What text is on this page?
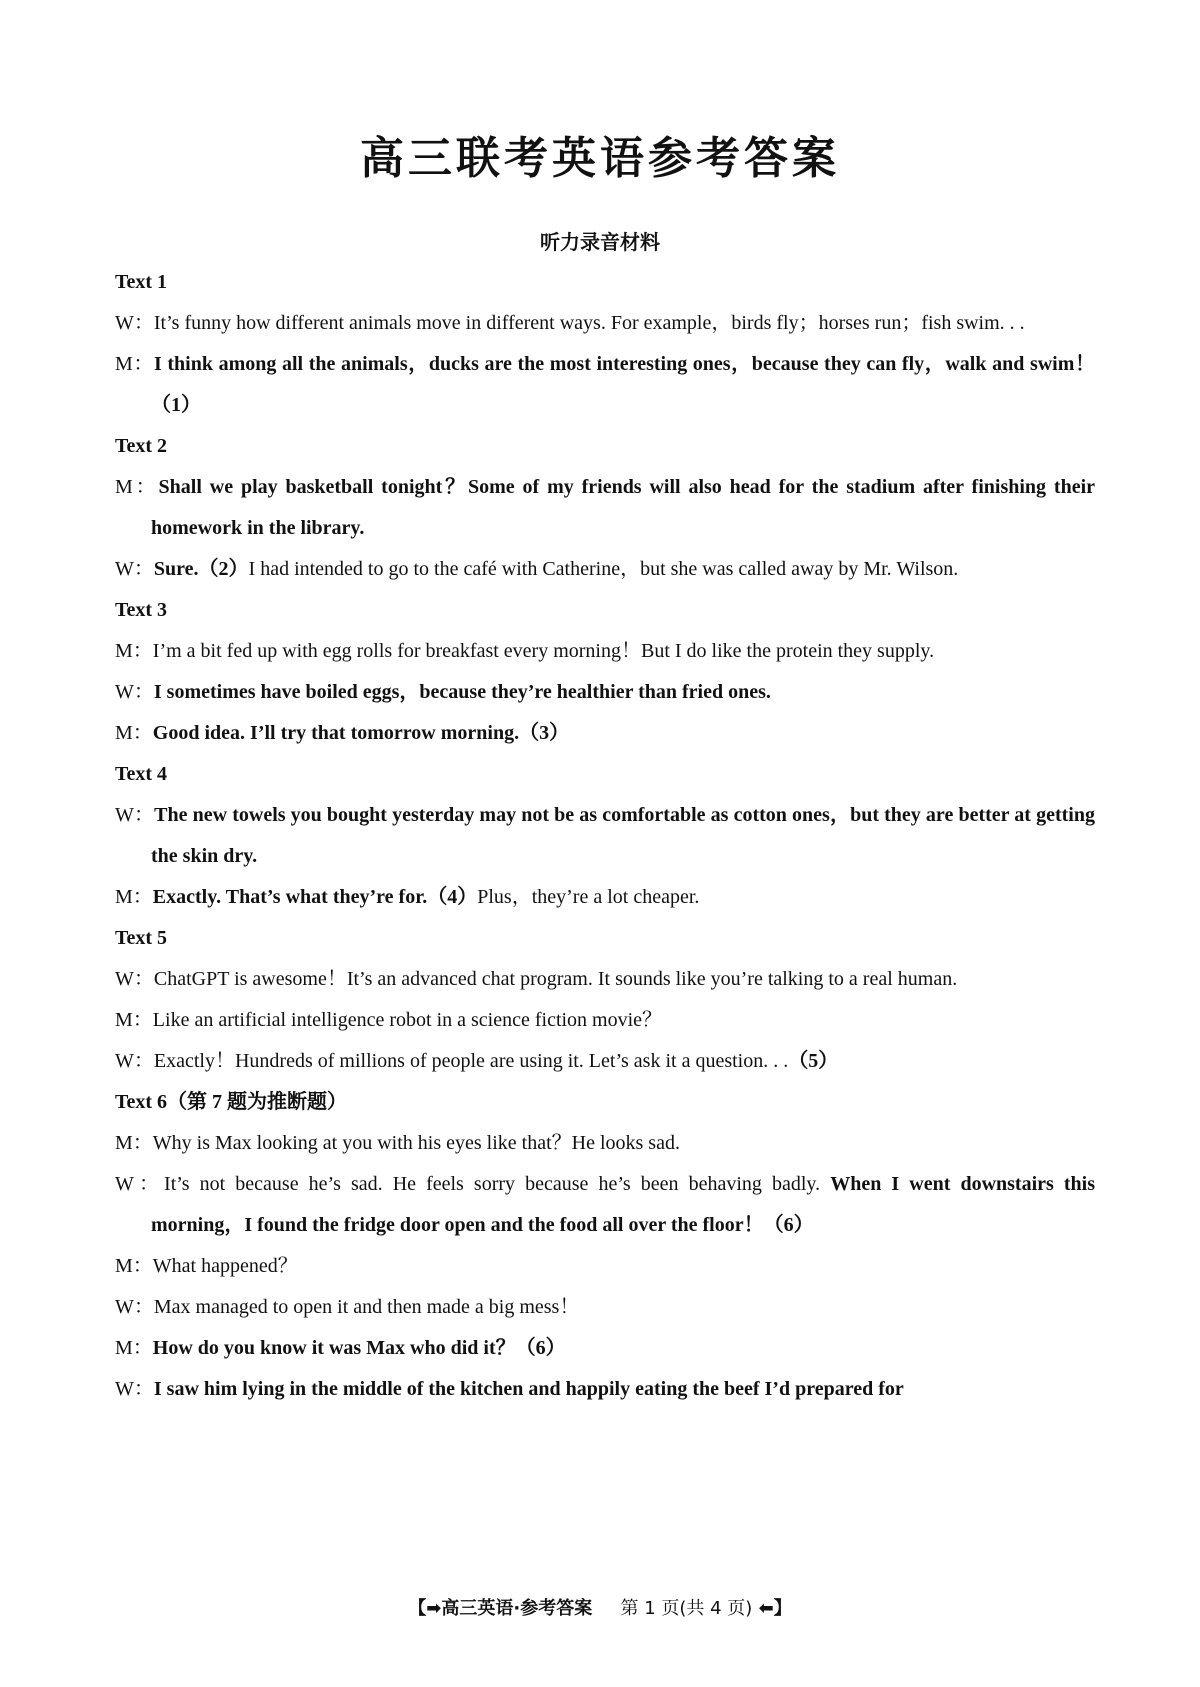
高三联考英语参考答案
听力录音材料
Text 1
W：It’s funny how different animals move in different ways. For example，birds fly；horses run；fish swim. . .
M：I think among all the animals，ducks are the most interesting ones，because they can fly，walk and swim！（1）
Text 2
M：Shall we play basketball tonight？Some of my friends will also head for the stadium after finishing their homework in the library.
W：Sure.（2）I had intended to go to the café with Catherine，but she was called away by Mr. Wilson.
Text 3
M：I’m a bit fed up with egg rolls for breakfast every morning！But I do like the protein they supply.
W：I sometimes have boiled eggs，because they’re healthier than fried ones.
M：Good idea. I’ll try that tomorrow morning.（3）
Text 4
W：The new towels you bought yesterday may not be as comfortable as cotton ones，but they are better at getting the skin dry.
M：Exactly. That’s what they’re for.（4）Plus，they’re a lot cheaper.
Text 5
W：ChatGPT is awesome！It’s an advanced chat program. It sounds like you’re talking to a real human.
M：Like an artificial intelligence robot in a science fiction movie？
W：Exactly！Hundreds of millions of people are using it. Let’s ask it a question. . .（5）
Text 6（第 7 题为推断题）
M：Why is Max looking at you with his eyes like that？He looks sad.
W：It’s not because he’s sad. He feels sorry because he’s been behaving badly. When I went downstairs this morning，I found the fridge door open and the food all over the floor！（6）
M：What happened？
W：Max managed to open it and then made a big mess！
M：How do you know it was Max who did it？（6）
W：I saw him lying in the middle of the kitchen and happily eating the beef I’d prepared for
【➡高三英语·参考答案 第 1 页(共 4 页) ⬅】
